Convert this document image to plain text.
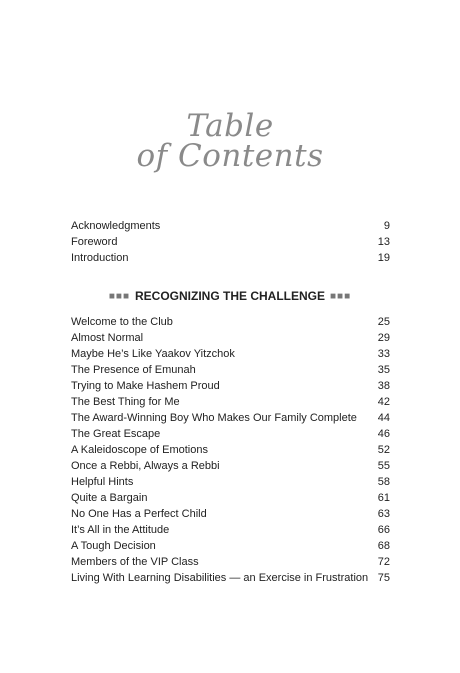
Table
of Contents
Acknowledgments	9
Foreword	13
Introduction	19
■■■ RECOGNIZING THE CHALLENGE ■■■
Welcome to the Club	25
Almost Normal	29
Maybe He’s Like Yaakov Yitzchok	33
The Presence of Emunah	35
Trying to Make Hashem Proud	38
The Best Thing for Me	42
The Award-Winning Boy Who Makes Our Family Complete 44
The Great Escape	46
A Kaleidoscope of Emotions	52
Once a Rebbi, Always a Rebbi	55
Helpful Hints	58
Quite a Bargain	61
No One Has a Perfect Child	63
It’s All in the Attitude	66
A Tough Decision	68
Members of the VIP Class	72
Living With Learning Disabilities — an Exercise in Frustration 75
